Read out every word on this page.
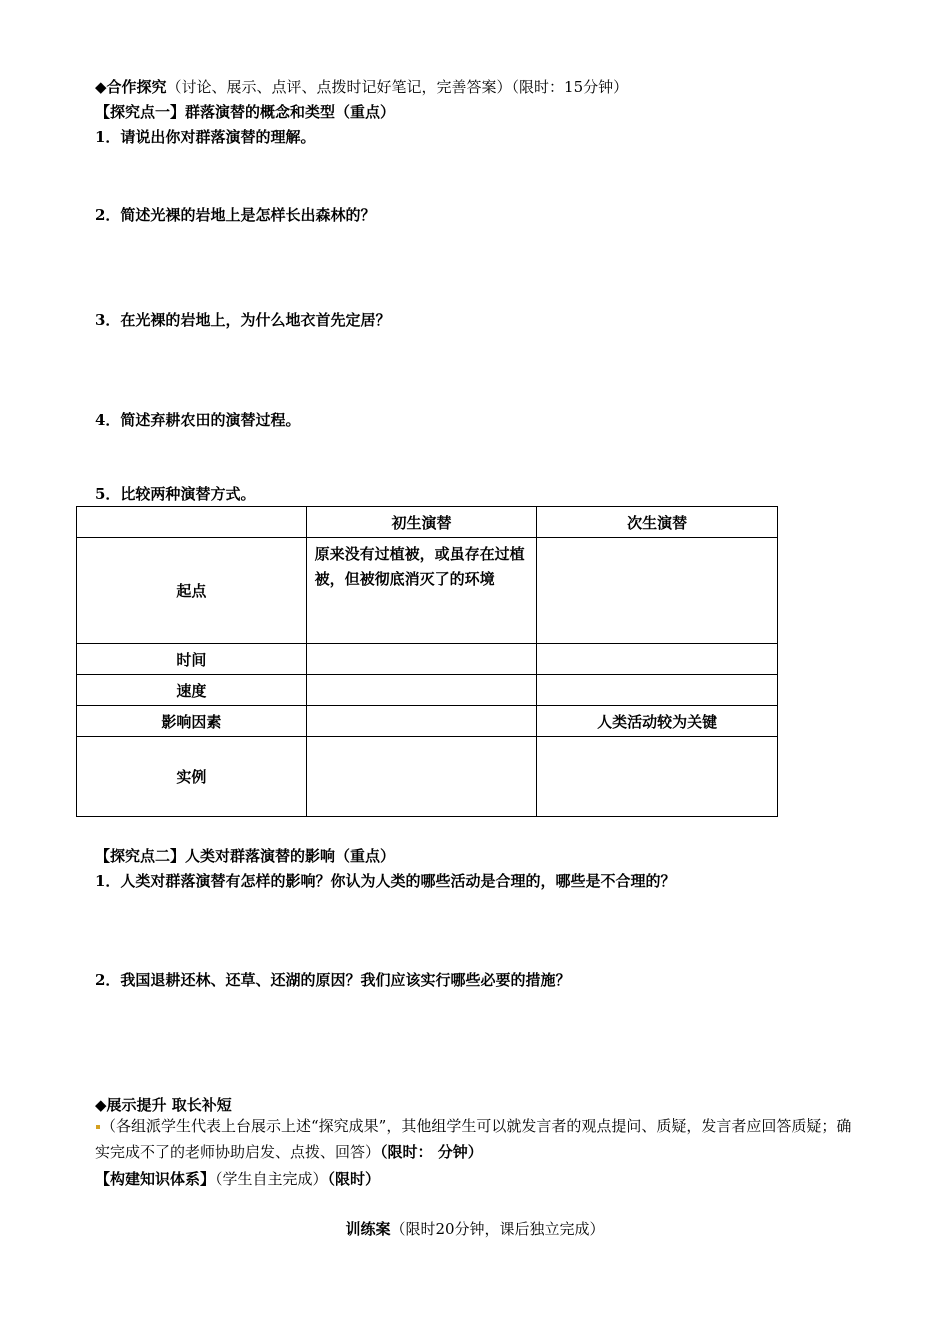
◆合作探究（讨论、展示、点评、点拨时记好笔记，完善答案）（限时：15分钟）
【探究点一】群落演替的概念和类型（重点）
1．请说出你对群落演替的理解。
2．简述光裸的岩地上是怎样长出森林的？
3．在光裸的岩地上，为什么地衣首先定居？
4．简述弃耕农田的演替过程。
5．比较两种演替方式。
	初生演替	次生演替
起点	原来没有过植被，或虽存在过植被，但被彻底消灭了的环境	
时间		
速度		
影响因素		人类活动较为关键
实例		
【探究点二】人类对群落演替的影响（重点）
1．人类对群落演替有怎样的影响？你认为人类的哪些活动是合理的，哪些是不合理的？
2．我国退耕还林、还草、还湖的原因？我们应该实行哪些必要的措施？
◆展示提升 取长补短
（各组派学生代表上台展示上述“探究成果”，其他组学生可以就发言者的观点提问、质疑，发言者应回答质疑；确实完成不了的老师协助启发、点拨、回答）（限时： 分钟）
【构建知识体系】（学生自主完成）（限时）
训练案（限时20分钟，课后独立完成）
